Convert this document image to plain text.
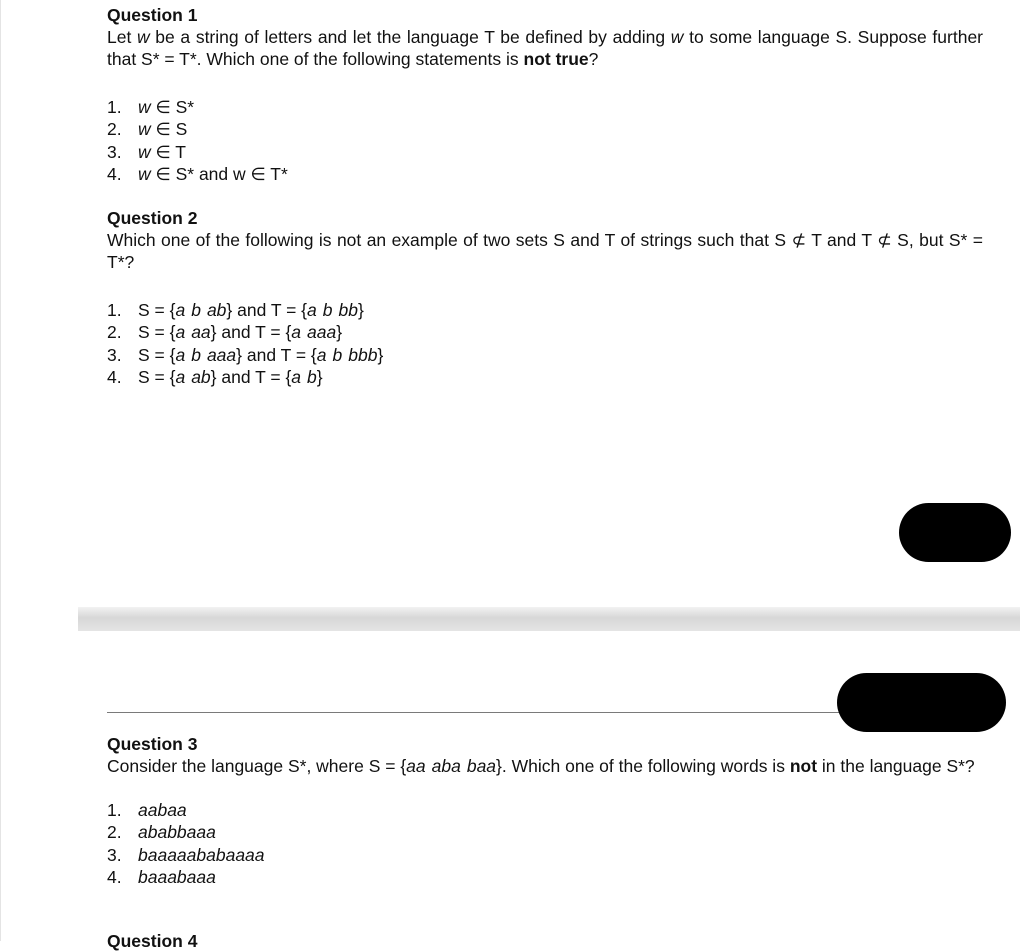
Question 1

Let w be a string of letters and let the language T be defined by adding w to some language S. Suppose further that S* = T*. Which one of the following statements is not true?

1. w ∈ S*
2. w ∈ S
3. w ∈ T
4. w ∈ S* and w ∈ T*

Question 2

Which one of the following is not an example of two sets S and T of strings such that S ⊄ T and T ⊄ S, but S* = T*?

1. S = {a b ab} and T = {a b bb}
2. S = {a aa} and T = {a aaa}
3. S = {a b aaa} and T = {a b bbb}
4. S = {a ab} and T = {a b}

Question 3

Consider the language S*, where S = {aa aba baa}. Which one of the following words is not in the language S*?

1. aabaa
2. ababbaaa
3. baaaaababaaaa
4. baaabaaa
Question 4
